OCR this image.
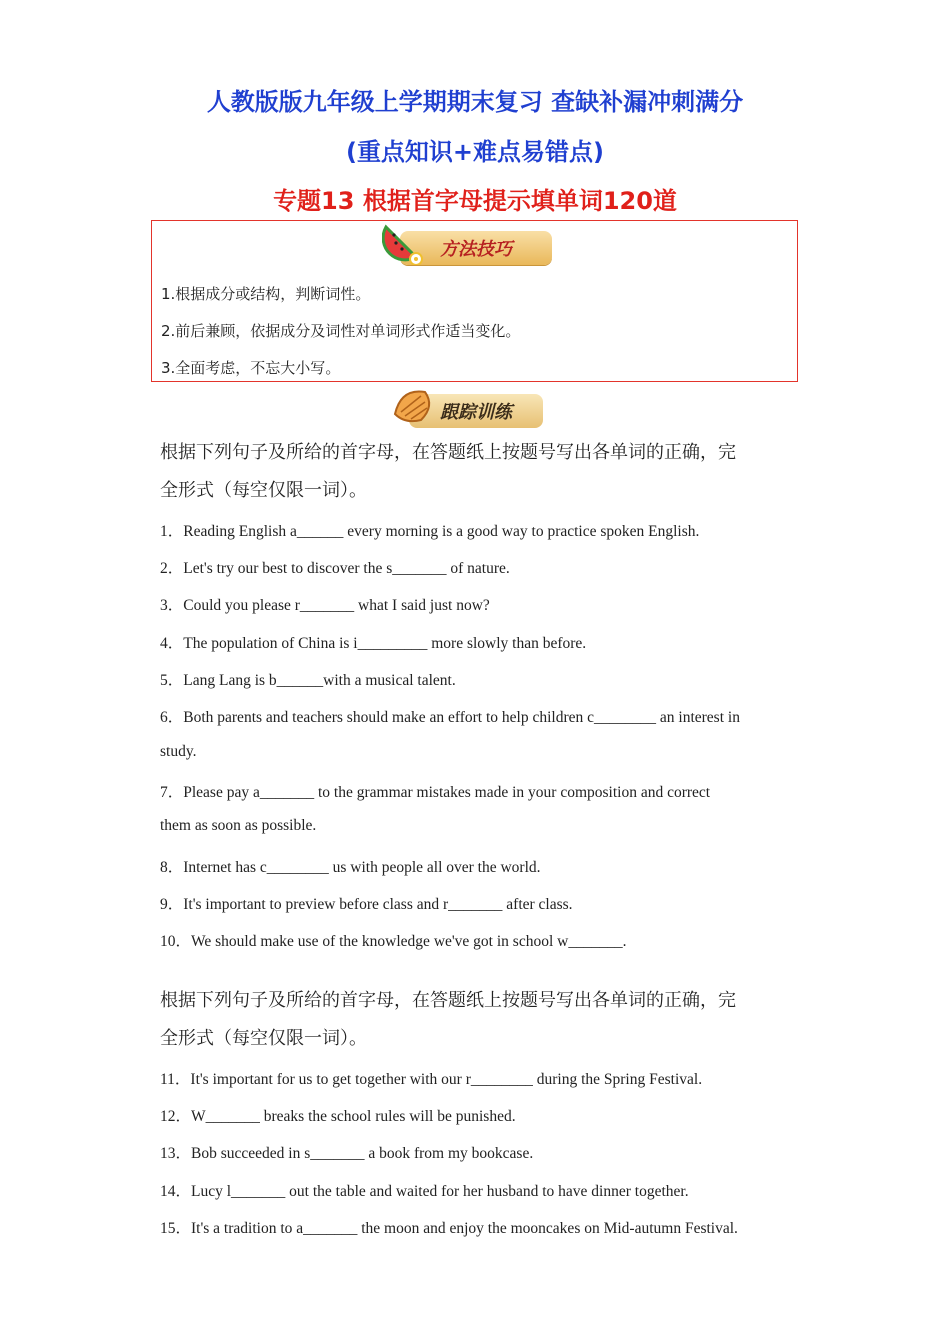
人教版版九年级上学期期末复习 查缺补漏冲刺满分
(重点知识+难点易错点)
专题13 根据首字母提示填单词120道
方法技巧
1.根据成分或结构，判断词性。
2.前后兼顾，依据成分及词性对单词形式作适当变化。
3.全面考虑，不忘大小写。
跟踪训练
根据下列句子及所给的首字母，在答题纸上按题号写出各单词的正确，完
全形式（每空仅限一词）。
1．Reading English a______ every morning is a good way to practice spoken English.
2．Let's try our best to discover the s_______ of nature.
3．Could you please r_______ what I said just now?
4．The population of China is i_________ more slowly than before.
5．Lang Lang is b______with a musical talent.
6．Both parents and teachers should make an effort to help children c________ an interest in
study.
7．Please pay a_______ to the grammar mistakes made in your composition and correct
them as soon as possible.
8．Internet has c________ us with people all over the world.
9．It's important to preview before class and r_______ after class.
10．We should make use of the knowledge we've got in school w_______.
根据下列句子及所给的首字母，在答题纸上按题号写出各单词的正确，完
全形式（每空仅限一词）。
11．It's important for us to get together with our r________ during the Spring Festival.
12．W_______ breaks the school rules will be punished.
13．Bob succeeded in s_______ a book from my bookcase.
14．Lucy l_______ out the table and waited for her husband to have dinner together.
15．It's a tradition to a_______ the moon and enjoy the mooncakes on Mid-autumn Festival.
